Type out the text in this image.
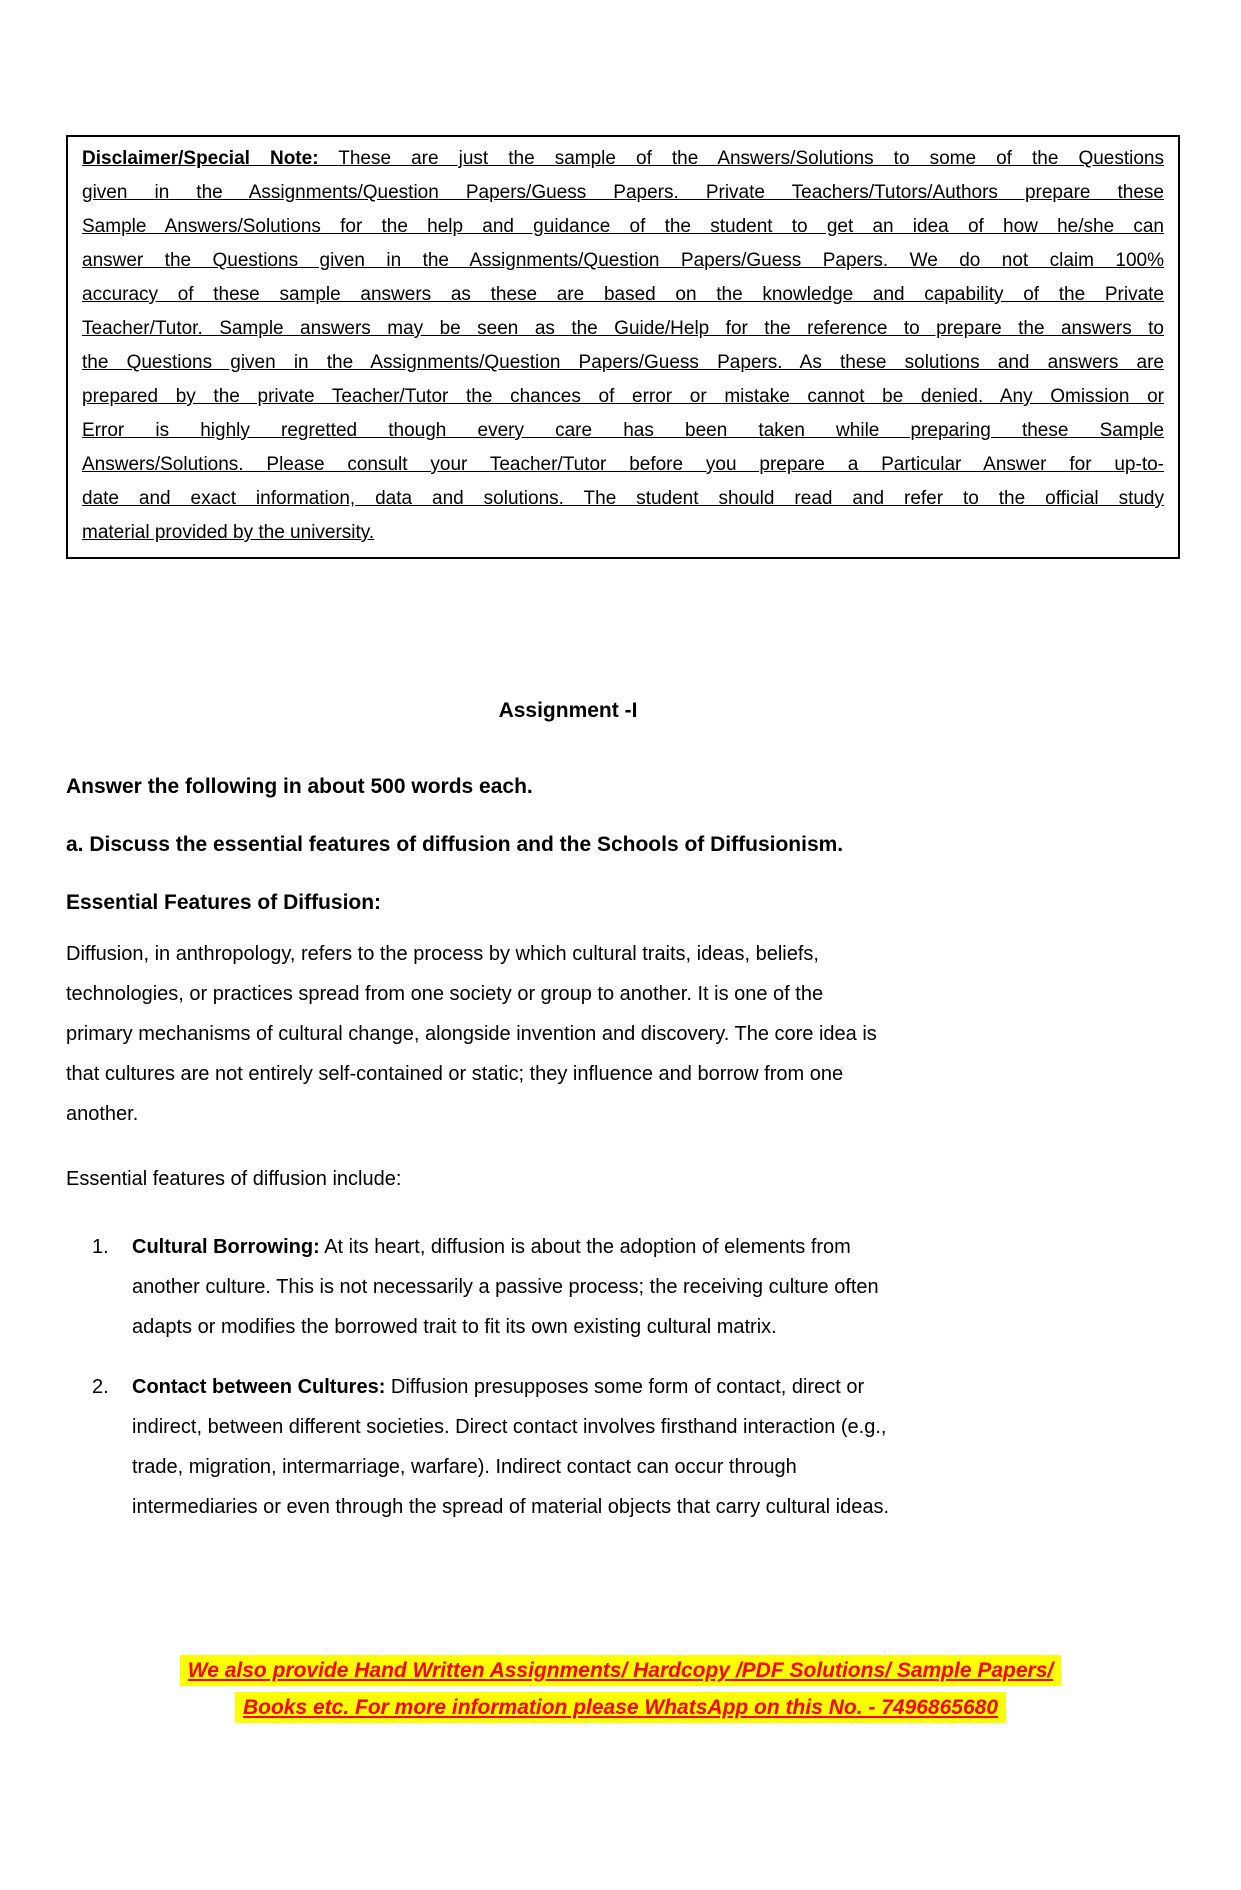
Disclaimer/Special Note: These are just the sample of the Answers/Solutions to some of the Questions
given in the Assignments/Question Papers/Guess Papers. Private Teachers/Tutors/Authors prepare these
Sample Answers/Solutions for the help and guidance of the student to get an idea of how he/she can
answer the Questions given in the Assignments/Question Papers/Guess Papers. We do not claim 100%
accuracy of these sample answers as these are based on the knowledge and capability of the Private
Teacher/Tutor. Sample answers may be seen as the Guide/Help for the reference to prepare the answers to
the Questions given in the Assignments/Question Papers/Guess Papers. As these solutions and answers are
prepared by the private Teacher/Tutor the chances of error or mistake cannot be denied. Any Omission or
Error is highly regretted though every care has been taken while preparing these Sample
Answers/Solutions. Please consult your Teacher/Tutor before you prepare a Particular Answer for up-to-
date and exact information, data and solutions. The student should read and refer to the official study
material provided by the university.
Assignment -I
Answer the following in about 500 words each.
a. Discuss the essential features of diffusion and the Schools of Diffusionism.
Essential Features of Diffusion:
Diffusion, in anthropology, refers to the process by which cultural traits, ideas, beliefs,
technologies, or practices spread from one society or group to another. It is one of the
primary mechanisms of cultural change, alongside invention and discovery. The core idea is
that cultures are not entirely self-contained or static; they influence and borrow from one
another.
Essential features of diffusion include:
1.	Cultural Borrowing: At its heart, diffusion is about the adoption of elements from
another culture. This is not necessarily a passive process; the receiving culture often
adapts or modifies the borrowed trait to fit its own existing cultural matrix.
2.	Contact between Cultures: Diffusion presupposes some form of contact, direct or
indirect, between different societies. Direct contact involves firsthand interaction (e.g.,
trade, migration, intermarriage, warfare). Indirect contact can occur through
intermediaries or even through the spread of material objects that carry cultural ideas.
We also provide Hand Written Assignments/ Hardcopy /PDF Solutions/ Sample Papers/
Books etc. For more information please WhatsApp on this No. - 7496865680
